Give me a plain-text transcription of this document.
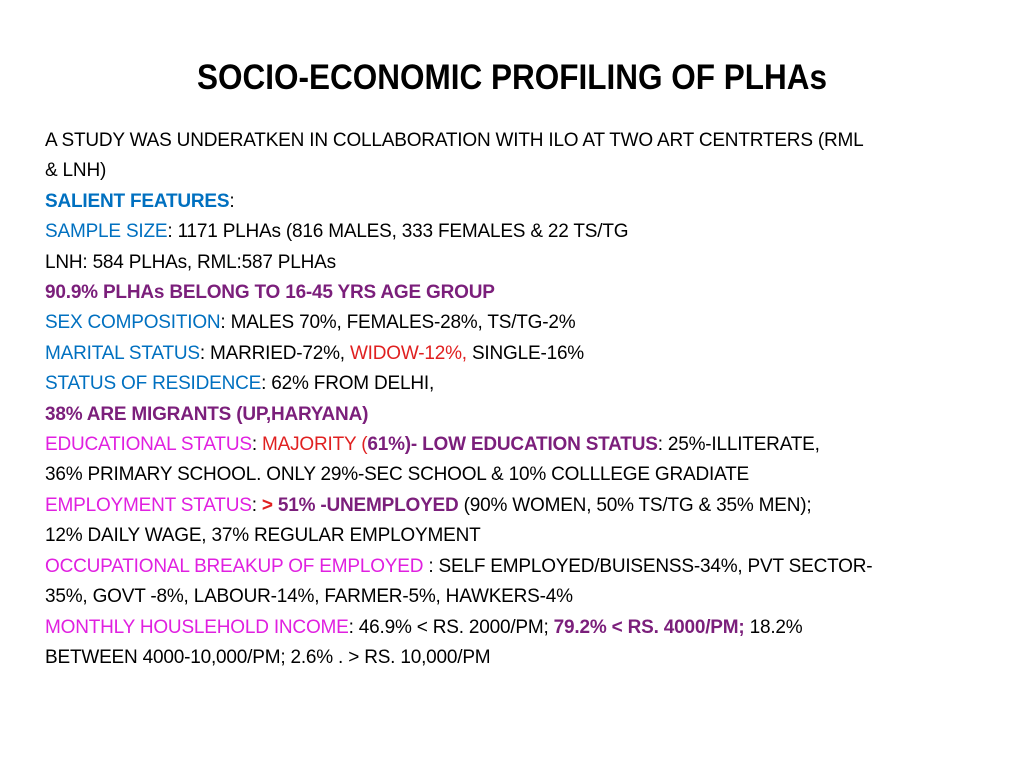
SOCIO-ECONOMIC PROFILING OF PLHAs
A STUDY WAS UNDERATKEN IN COLLABORATION WITH ILO AT TWO ART CENTRTERS (RML
& LNH)
SALIENT FEATURES:
SAMPLE SIZE: 1171 PLHAs (816 MALES, 333 FEMALES & 22 TS/TG
LNH: 584 PLHAs, RML:587 PLHAs
90.9% PLHAs BELONG TO 16-45 YRS AGE GROUP
SEX COMPOSITION: MALES 70%, FEMALES-28%, TS/TG-2%
MARITAL STATUS: MARRIED-72%, WIDOW-12%, SINGLE-16%
STATUS OF RESIDENCE: 62% FROM DELHI,
38% ARE MIGRANTS (UP,HARYANA)
EDUCATIONAL STATUS: MAJORITY (61%)- LOW EDUCATION STATUS: 25%-ILLITERATE,
36% PRIMARY SCHOOL. ONLY 29%-SEC SCHOOL & 10% COLLLEGE GRADIATE
EMPLOYMENT STATUS: > 51% -UNEMPLOYED (90% WOMEN, 50% TS/TG & 35% MEN);
12% DAILY WAGE, 37% REGULAR EMPLOYMENT
OCCUPATIONAL BREAKUP OF EMPLOYED : SELF EMPLOYED/BUISENSS-34%, PVT SECTOR-
35%, GOVT -8%, LABOUR-14%, FARMER-5%, HAWKERS-4%
MONTHLY HOUSLEHOLD INCOME: 46.9% < RS. 2000/PM; 79.2% < RS. 4000/PM; 18.2%
BETWEEN 4000-10,000/PM; 2.6% . > RS. 10,000/PM
